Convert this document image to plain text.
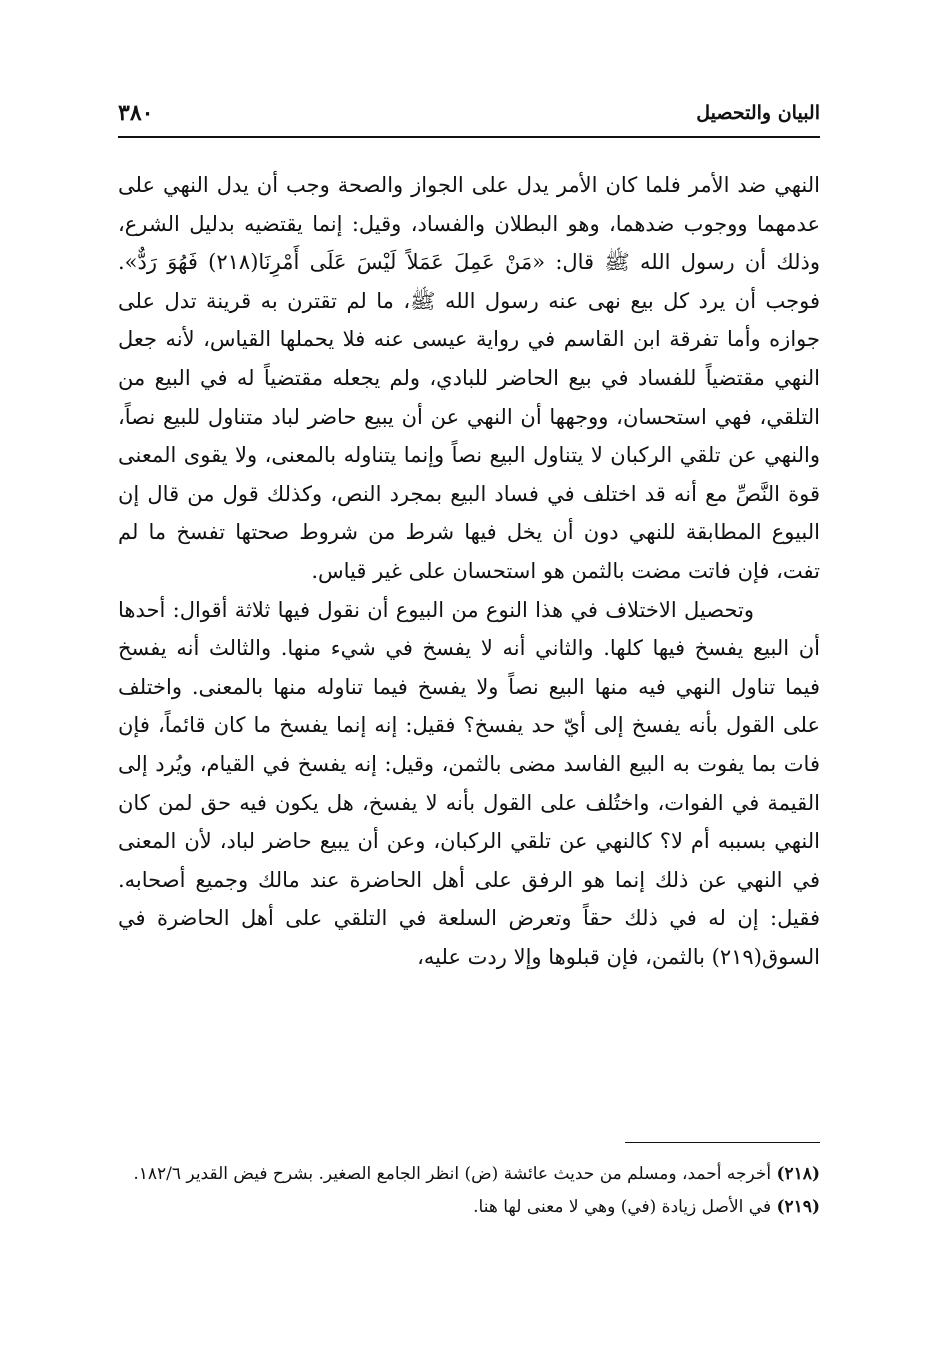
البيان والتحصيل
٣٨٠

النهي ضد الأمر فلما كان الأمر يدل على الجواز والصحة وجب أن يدل النهي على عدمهما ووجوب ضدهما، وهو البطلان والفساد، وقيل: إنما يقتضيه بدليل الشرع، وذلك أن رسول الله ﷺ قال: «مَنْ عَمِلَ عَمَلاً لَيْسَ عَلَى أَمْرِنَا(٢١٨) فَهُوَ رَدٌّ». فوجب أن يرد كل بيع نهى عنه رسول الله ﷺ، ما لم تقترن به قرينة تدل على جوازه وأما تفرقة ابن القاسم في رواية عيسى عنه فلا يحملها القياس، لأنه جعل النهي مقتضياً للفساد في بيع الحاضر للبادي، ولم يجعله مقتضياً له في البيع من التلقي، فهي استحسان، ووجهها أن النهي عن أن يبيع حاضر لباد متناول للبيع نصاً، والنهي عن تلقي الركبان لا يتناول البيع نصاً وإنما يتناوله بالمعنى، ولا يقوى المعنى قوة النَّصِّ مع أنه قد اختلف في فساد البيع بمجرد النص، وكذلك قول من قال إن البيوع المطابقة للنهي دون أن يخل فيها شرط من شروط صحتها تفسخ ما لم تفت، فإن فاتت مضت بالثمن هو استحسان على غير قياس.

وتحصيل الاختلاف في هذا النوع من البيوع أن نقول فيها ثلاثة أقوال: أحدها أن البيع يفسخ فيها كلها. والثاني أنه لا يفسخ في شيء منها. والثالث أنه يفسخ فيما تناول النهي فيه منها البيع نصاً ولا يفسخ فيما تناوله منها بالمعنى. واختلف على القول بأنه يفسخ إلى أيّ حد يفسخ؟ فقيل: إنه إنما يفسخ ما كان قائماً، فإن فات بما يفوت به البيع الفاسد مضى بالثمن، وقيل: إنه يفسخ في القيام، ويُرد إلى القيمة في الفوات، واختُلف على القول بأنه لا يفسخ، هل يكون فيه حق لمن كان النهي بسببه أم لا؟ كالنهي عن تلقي الركبان، وعن أن يبيع حاضر لباد، لأن المعنى في النهي عن ذلك إنما هو الرفق على أهل الحاضرة عند مالك وجميع أصحابه. فقيل: إن له في ذلك حقاً وتعرض السلعة في التلقي على أهل الحاضرة في السوق(٢١٩) بالثمن، فإن قبلوها وإلا ردت عليه،

(٢١٨) أخرجه أحمد، ومسلم من حديث عائشة (ض) انظر الجامع الصغير. بشرح فيض القدير ١٨٢/٦.

(٢١٩) في الأصل زيادة (في) وهي لا معنى لها هنا.
